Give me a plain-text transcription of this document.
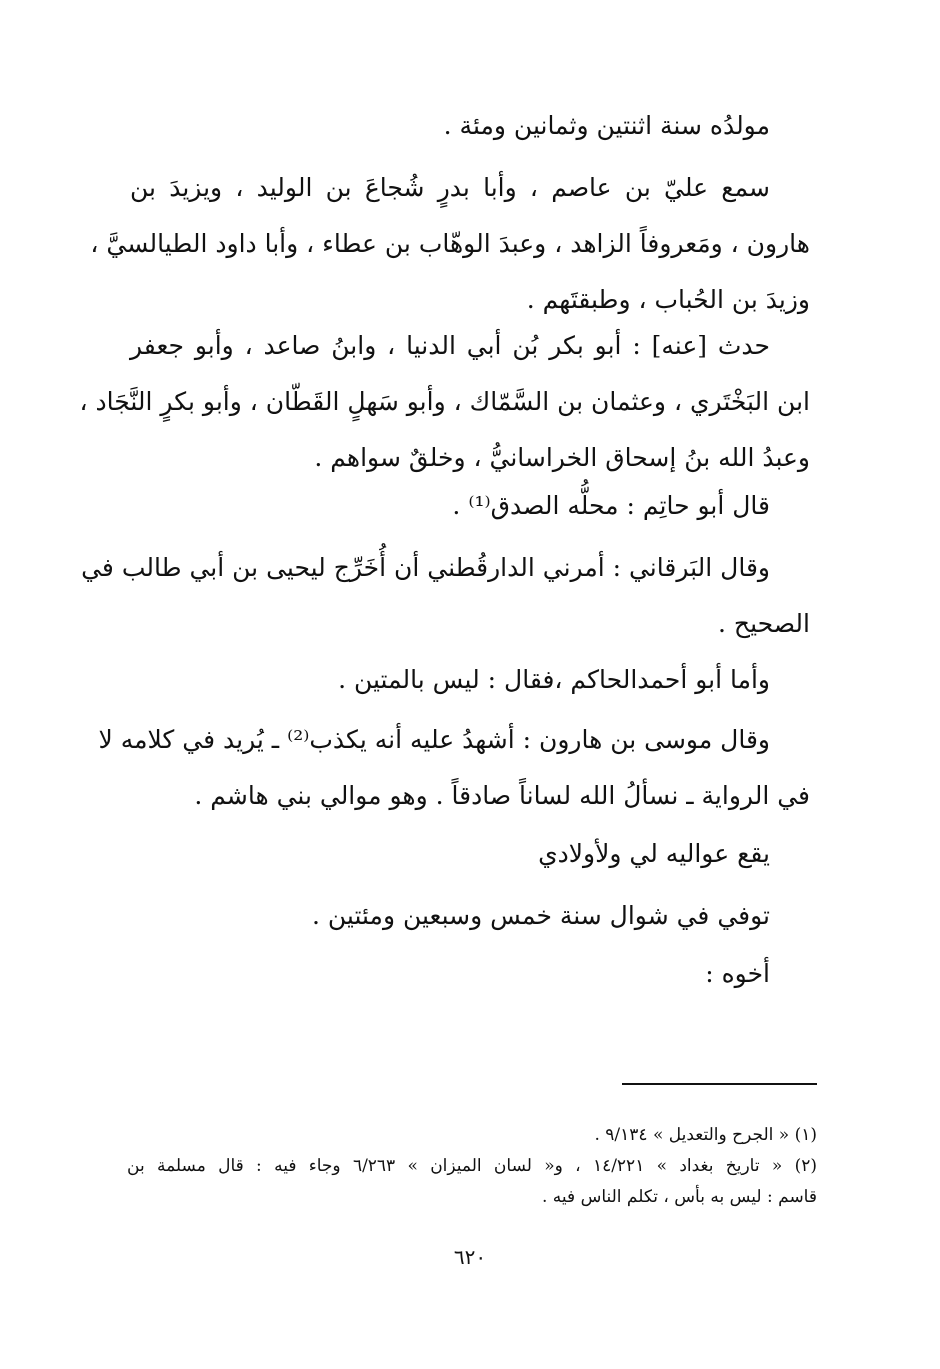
مولدُه سنة اثنتين وثمانين ومئة .
سمع عليّ بن عاصم ، وأبا بدرٍ شُجاعَ بن الوليد ، ويزيدَ بن
هارون ، ومَعروفاً الزاهد ، وعبدَ الوهّاب بن عطاء ، وأبا داود الطيالسيَّ ،
وزيدَ بن الحُباب ، وطبقتَهم .
حدث [عنه] : أبو بكر بُن أبي الدنيا ، وابنُ صاعد ، وأبو جعفر
ابن البَخْتَري ، وعثمان بن السَّمّاك ، وأبو سَهلٍ القَطّان ، وأبو بكرٍ النَّجَاد ،
وعبدُ الله بنُ إسحاق الخراسانيُّ ، وخلقٌ سواهم .
قال أبو حاتِم : محلُّه الصدق⁽¹⁾ .
وقال البَرقاني : أمرني الدارقُطني أن أُخَرِّج ليحيى بن أبي طالب في
الصحيح .
وأما أبو أحمدالحاكم ،فقال : ليس بالمتين .
وقال موسى بن هارون : أشهدُ عليه أنه يكذب⁽²⁾ ـ يُريد في كلامه لا
في الرواية ـ نسألُ الله لساناً صادقاً . وهو موالي بني هاشم .
يقع عواليه لي ولأولادي
توفي في شوال سنة خمس وسبعين ومئتين .
أخوه :
(١) « الجرح والتعديل » ٩/١٣٤ .
(٢) « تاريخ بغداد » ١٤/٢٢١ ، و« لسان الميزان » ٦/٢٦٣ وجاء فيه : قال مسلمة بن
قاسم : ليس به بأس ، تكلم الناس فيه .
٦٢٠
